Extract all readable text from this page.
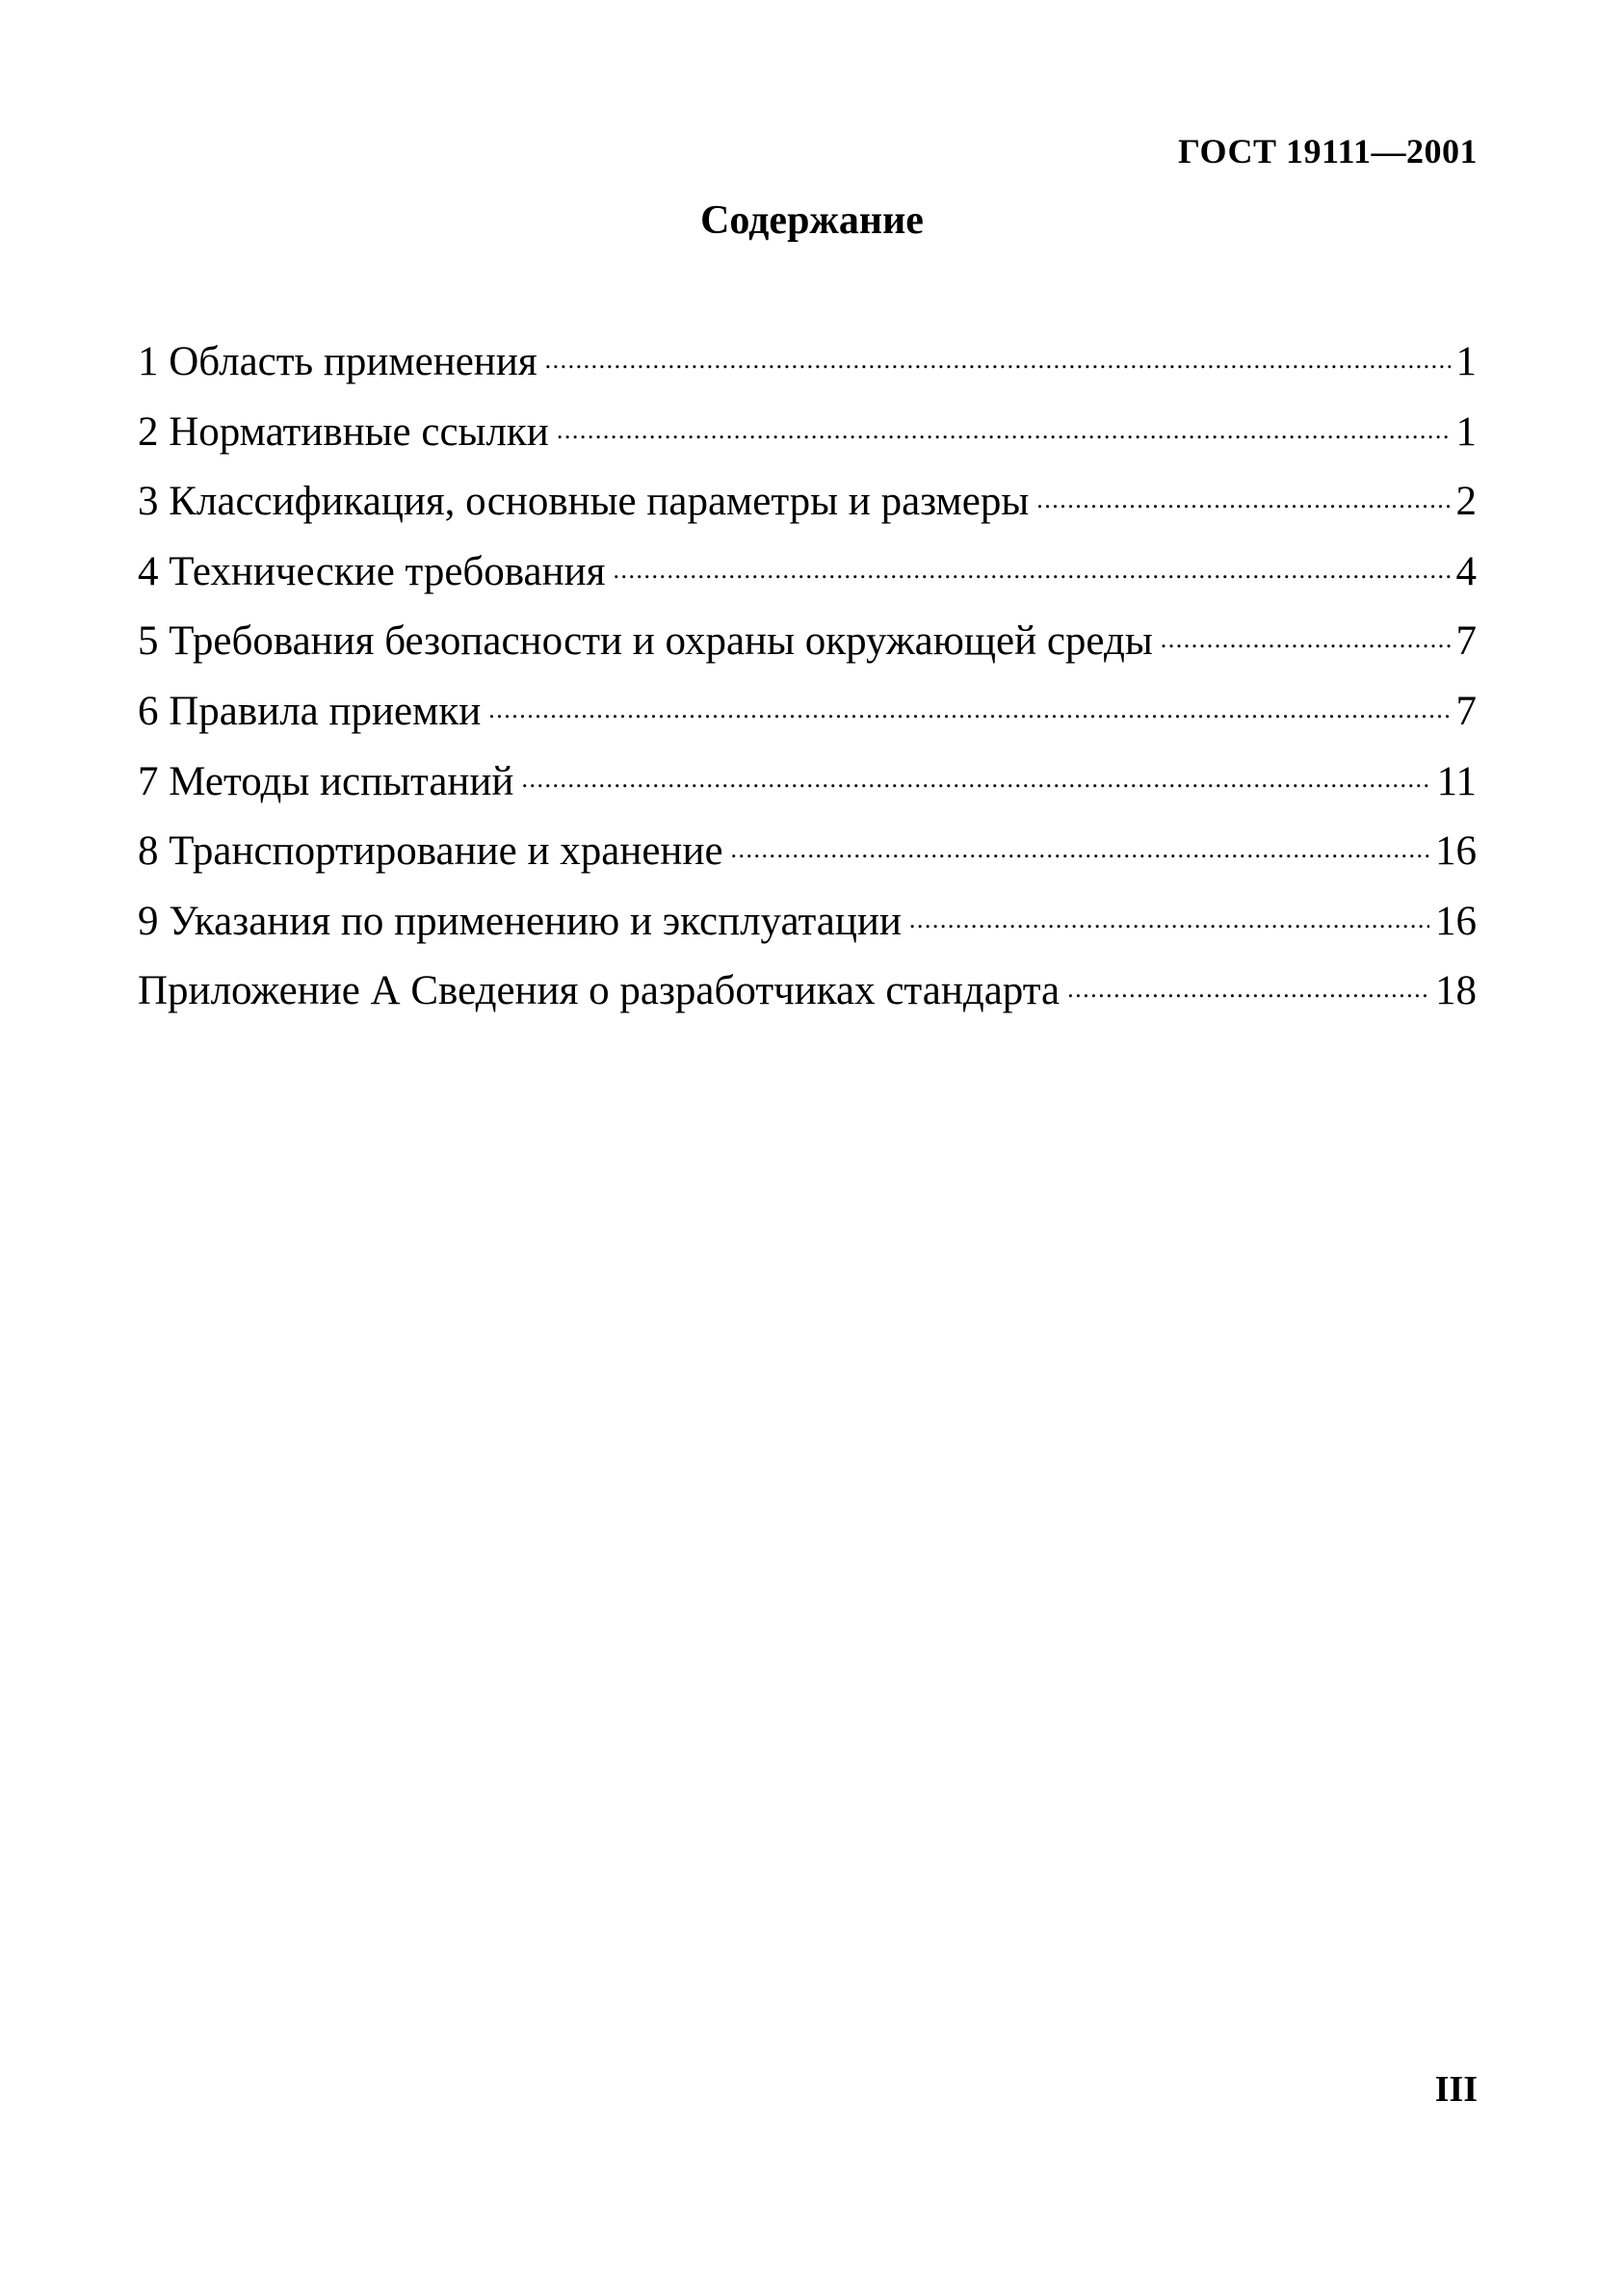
ГОСТ 19111—2001
Содержание
1 Область применения . . .	1
2 Нормативные ссылки . . .	1
3 Классификация, основные параметры и размеры . . .	2
4 Технические требования . . .	4
5 Требования безопасности и охраны окружающей среды . . .	7
6 Правила приемки . . .	7
7 Методы испытаний . . .	11
8 Транспортирование и хранение . . .	16
9 Указания по применению и эксплуатации . . .	16
Приложение А Сведения о разработчиках стандарта . . .	18
III
